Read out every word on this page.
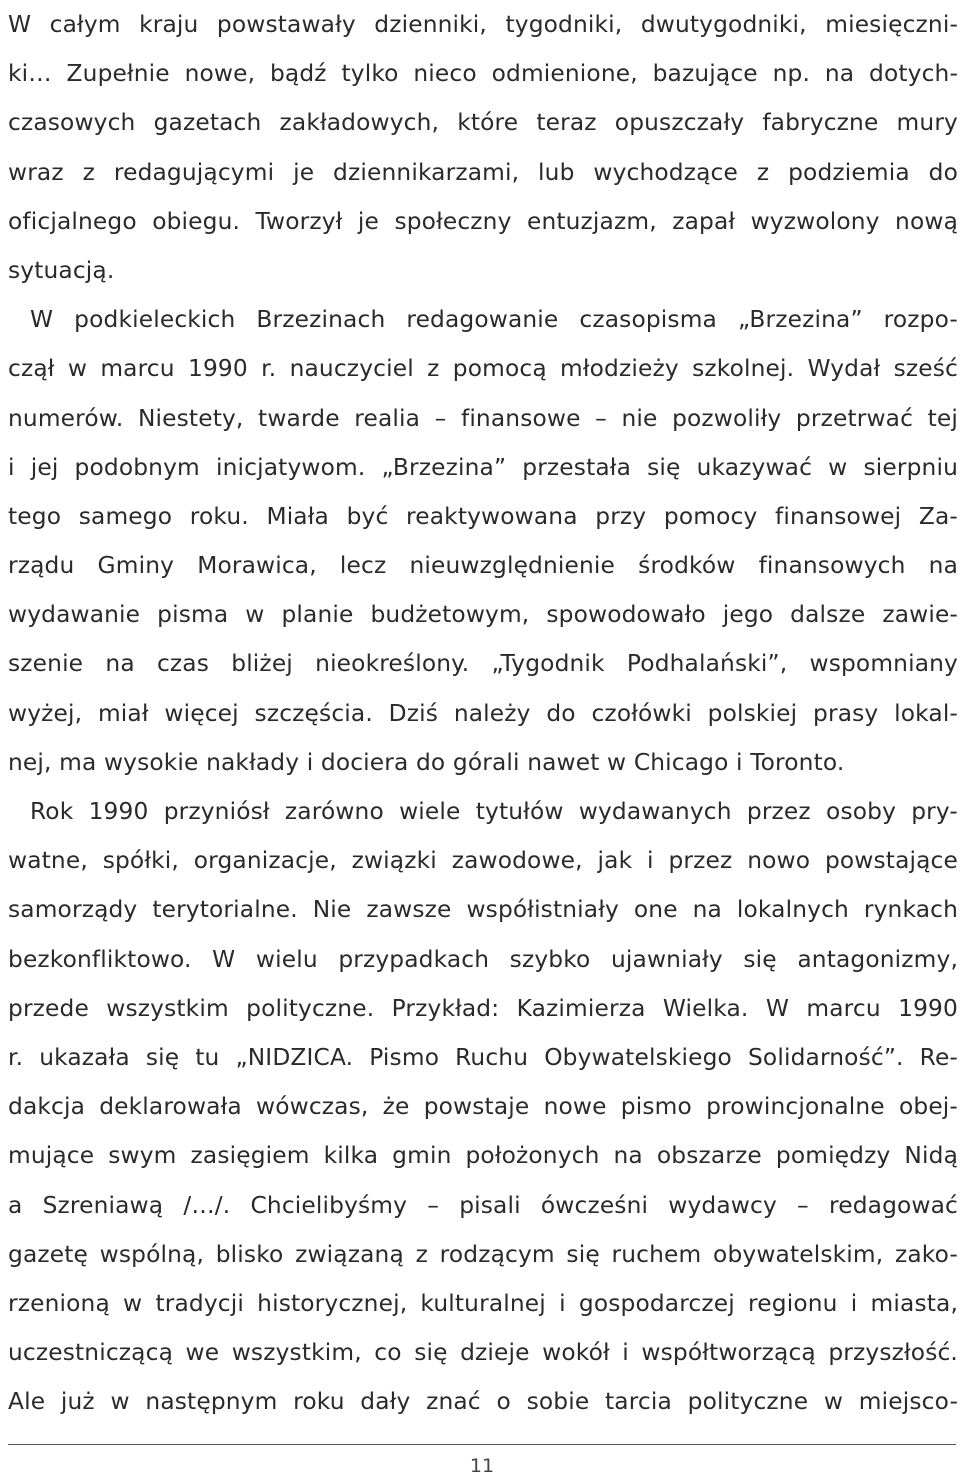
W całym kraju powstawały dzienniki, tygodniki, dwutygodniki, miesięczni-
ki… Zupełnie nowe, bądź tylko nieco odmienione, bazujące np. na dotych-
czasowych gazetach zakładowych, które teraz opuszczały fabryczne mury
wraz z redagującymi je dziennikarzami, lub wychodzące z podziemia do
oficjalnego obiegu. Tworzył je społeczny entuzjazm, zapał wyzwolony nową
sytuacją.
W podkieleckich Brzezinach redagowanie czasopisma „Brzezina” rozpo-
czął w marcu 1990 r. nauczyciel z pomocą młodzieży szkolnej. Wydał sześć
numerów. Niestety, twarde realia – finansowe – nie pozwoliły przetrwać tej
i jej podobnym inicjatywom. „Brzezina” przestała się ukazywać w sierpniu
tego samego roku. Miała być reaktywowana przy pomocy finansowej Za-
rządu Gminy Morawica, lecz nieuwzględnienie środków finansowych na
wydawanie pisma w planie budżetowym, spowodowało jego dalsze zawie-
szenie na czas bliżej nieokreślony. „Tygodnik Podhalański”, wspomniany
wyżej, miał więcej szczęścia. Dziś należy do czołówki polskiej prasy lokal-
nej, ma wysokie nakłady i dociera do górali nawet w Chicago i Toronto.
Rok 1990 przyniósł zarówno wiele tytułów wydawanych przez osoby pry-
watne, spółki, organizacje, związki zawodowe, jak i przez nowo powstające
samorządy terytorialne. Nie zawsze współistniały one na lokalnych rynkach
bezkonfliktowo. W wielu przypadkach szybko ujawniały się antagonizmy,
przede wszystkim polityczne. Przykład: Kazimierza Wielka. W marcu 1990
r. ukazała się tu „NIDZICA. Pismo Ruchu Obywatelskiego Solidarność”. Re-
dakcja deklarowała wówczas, że powstaje nowe pismo prowincjonalne obej-
mujące swym zasięgiem kilka gmin położonych na obszarze pomiędzy Nidą
a Szreniawą /…/. Chcielibyśmy – pisali ówcześni wydawcy – redagować
gazetę wspólną, blisko związaną z rodzącym się ruchem obywatelskim, zako-
rzenioną w tradycji historycznej, kulturalnej i gospodarczej regionu i miasta,
uczestniczącą we wszystkim, co się dzieje wokół i współtworzącą przyszłość.
Ale już w następnym roku dały znać o sobie tarcia polityczne w miejsco-
11
